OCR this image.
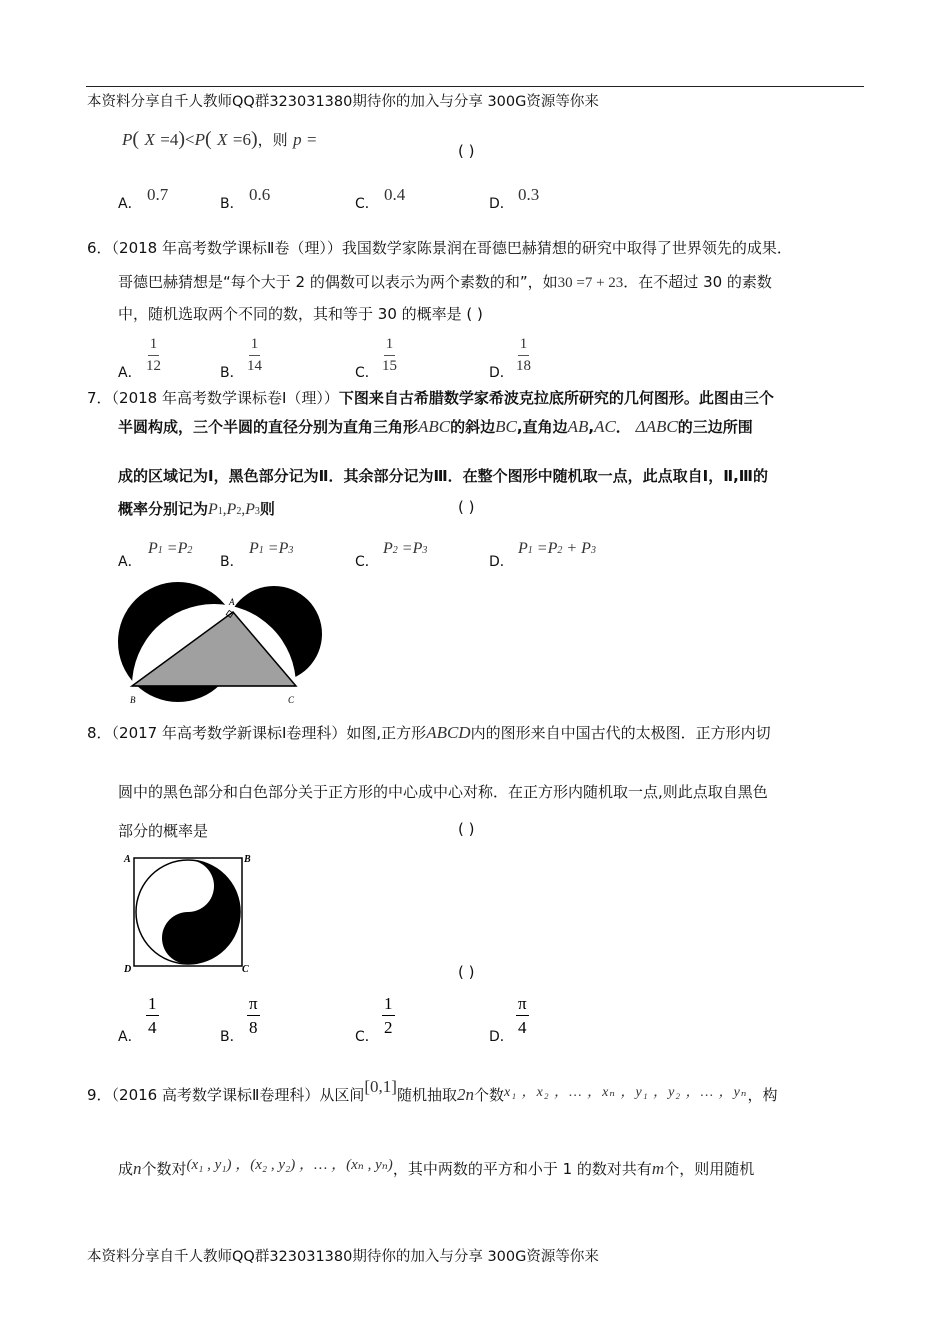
本资料分享自千人教师QQ群323031380期待你的加入与分享 300G资源等你来
P( X =4)<P( X =6)，则 p =
( )
A． 0.7	B． 0.6	C． 0.4	D． 0.3
6．（2018 年高考数学课标Ⅱ卷（理））我国数学家陈景润在哥德巴赫猜想的研究中取得了世界领先的成果．
哥德巴赫猜想是“每个大于 2 的偶数可以表示为两个素数的和”，如30 =7 + 23．在不超过 30 的素数
中，随机选取两个不同的数，其和等于 30 的概率是 ( )
A． $\frac{1}{12}$	B． $\frac{1}{14}$	C． $\frac{1}{15}$	D． $\frac{1}{18}$
7．（2018 年高考数学课标卷Ⅰ（理））下图来自古希腊数学家希波克拉底所研究的几何图形。此图由三个
半圆构成，三个半圆的直径分别为直角三角形ABC的斜边BC,直角边AB,AC． ΔABC的三边所围
成的区域记为Ⅰ，黑色部分记为Ⅱ．其余部分记为Ⅲ．在整个图形中随机取一点，此点取自Ⅰ，Ⅱ,Ⅲ的
概率分别记为P1,P2,P3则	( )
A．
P1 =P2
B．
P1 =P3
C．
P2 =P3
D．
P1 =P2 + P3
A
B	C
8．（2017 年高考数学新课标Ⅰ卷理科）如图,正方形ABCD内的图形来自中国古代的太极图．正方形内切
圆中的黑色部分和白色部分关于正方形的中心成中心对称．在正方形内随机取一点,则此点取自黑色
部分的概率是	( )
A	B
D	C	( )
A．
$\frac{1}{4}$
B．
$\frac{\pi}{8}$
C．
$\frac{1}{2}$
D．
$\frac{\pi}{4}$
9．（2016 高考数学课标Ⅱ卷理科）从区间[0,1]随机抽取2n个数x₁ ，x₂ ，… ，xₙ ，y₁ ，y₂ ，… ，yₙ，构
成n个数对(x₁ , y₁) ，(x₂ , y₂) ，… ，(xₙ , yₙ)，其中两数的平方和小于 1 的数对共有m个，则用随机
本资料分享自千人教师QQ群323031380期待你的加入与分享 300G资源等你来
